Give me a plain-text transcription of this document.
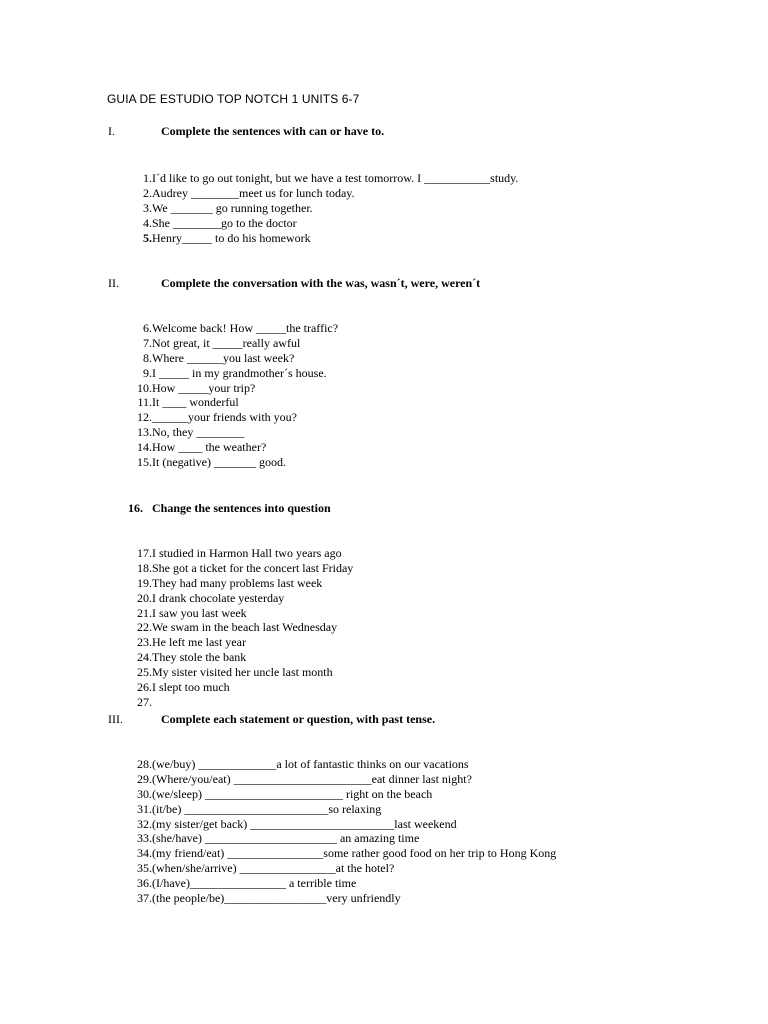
GUIA DE ESTUDIO TOP NOTCH 1 UNITS 6-7
I.	Complete the sentences with can or have to.
1. I´d like to go out tonight, but we have a test tomorrow. I ___________study.
2. Audrey ________meet us for lunch today.
3. We _______ go running together.
4. She ________go to the doctor
5. Henry_____ to do his homework
II.	Complete the conversation with the was, wasn´t, were, weren´t
6. Welcome back! How _____the traffic?
7. Not great, it _____really awful
8. Where ______you last week?
9. I _____ in my grandmother´s house.
10. How _____your trip?
11. It ____ wonderful
12. ______your friends with you?
13. No, they ________
14. How ____ the weather?
15. It (negative) _______ good.
16. Change the sentences into question
17. I studied in Harmon Hall two years ago
18. She got a ticket for the concert last Friday
19. They had many problems last week
20. I drank chocolate yesterday
21. I saw you last week
22. We swam in the beach last Wednesday
23. He left me last year
24. They stole the bank
25. My sister visited her uncle last month
26. I slept too much
27.
III.	Complete each statement or question, with past tense.
28. (we/buy) _____________a lot of fantastic thinks on our vacations
29. (Where/you/eat) _______________________eat dinner last night?
30. (we/sleep) _______________________ right on the beach
31. (it/be) ________________________so relaxing
32. (my sister/get back) ________________________last weekend
33. (she/have) ______________________ an amazing time
34. (my friend/eat) ________________some rather good food on her trip to Hong Kong
35. (when/she/arrive) ________________at the hotel?
36. (I/have)________________ a terrible time
37. (the people/be)_________________very unfriendly
